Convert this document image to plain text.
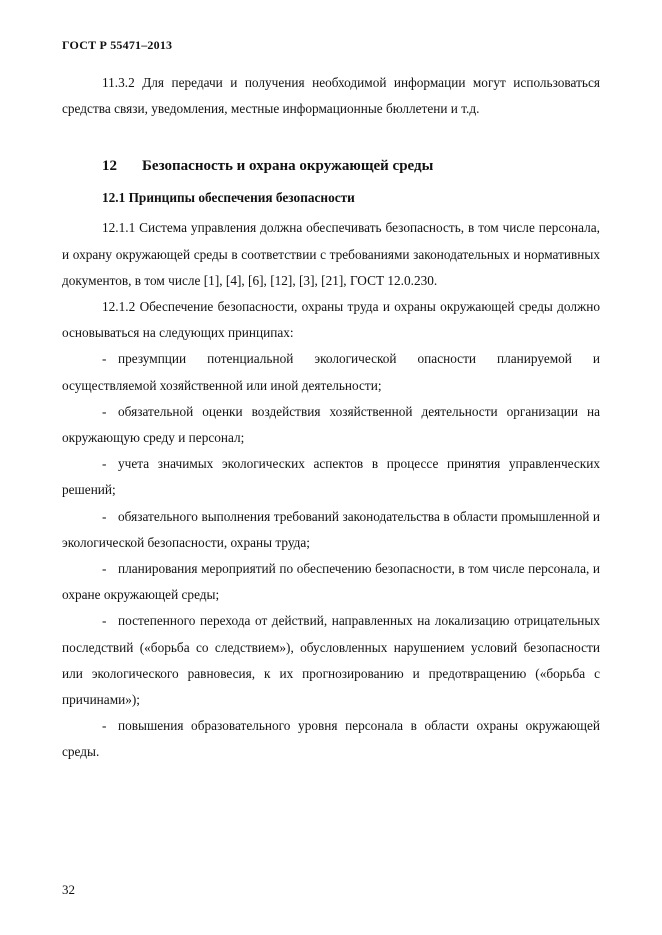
ГОСТ Р 55471–2013

11.3.2 Для передачи и получения необходимой информации могут использоваться средства связи, уведомления, местные информационные бюллетени и т.д.

12 Безопасность и охрана окружающей среды
12.1 Принципы обеспечения безопасности

12.1.1 Система управления должна обеспечивать безопасность, в том числе персонала, и охрану окружающей среды в соответствии с требованиями законодательных и нормативных документов, в том числе [1], [4], [6], [12], [3], [21], ГОСТ 12.0.230.

12.1.2 Обеспечение безопасности, охраны труда и охраны окружающей среды должно основываться на следующих принципах:

- презумпции потенциальной экологической опасности планируемой и осуществляемой хозяйственной или иной деятельности;
- обязательной оценки воздействия хозяйственной деятельности организации на окружающую среду и персонал;
- учета значимых экологических аспектов в процессе принятия управленческих решений;
- обязательного выполнения требований законодательства в области промышленной и экологической безопасности, охраны труда;
- планирования мероприятий по обеспечению безопасности, в том числе персонала, и охране окружающей среды;
- постепенного перехода от действий, направленных на локализацию отрицательных последствий («борьба со следствием»), обусловленных нарушением условий безопасности или экологического равновесия, к их прогнозированию и предотвращению («борьба с причинами»);
- повышения образовательного уровня персонала в области охраны окружающей среды.
32
